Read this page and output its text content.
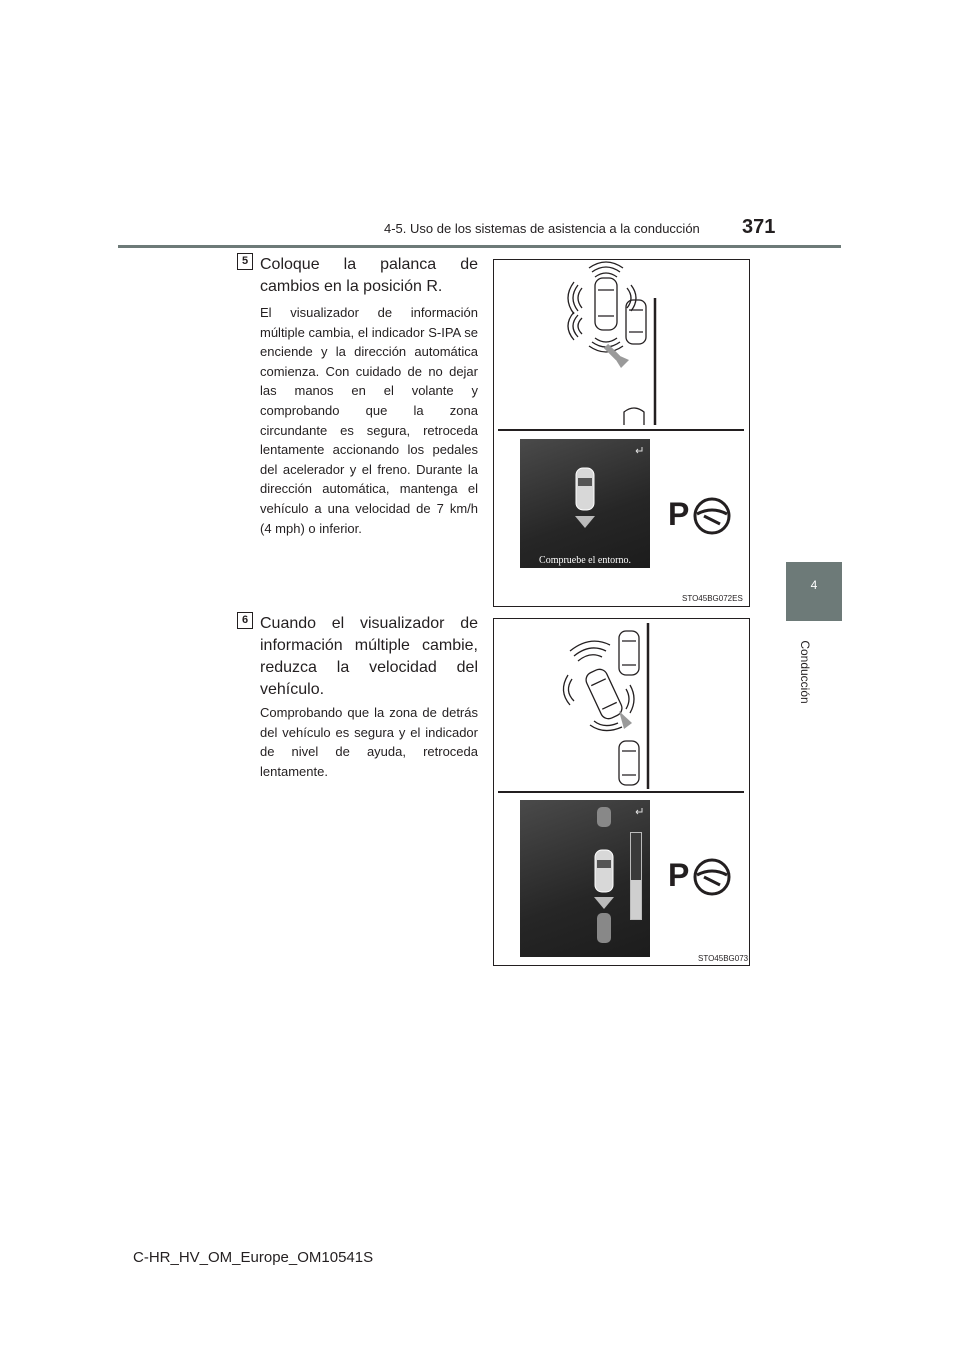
4-5. Uso de los sistemas de asistencia a la conducción 371
4
Conducción
5 Coloque la palanca de cambios en la posición R.
El visualizador de información múltiple cambia, el indicador S-IPA se enciende y la dirección automática comienza. Con cuidado de no dejar las manos en el volante y comprobando que la zona circundante es segura, retroceda lentamente accionando los pedales del acelerador y el freno. Durante la dirección automática, mantenga el vehículo a una velocidad de 7 km/h (4 mph) o inferior.
Compruebe el entorno.
P
STO45BG072ES
6 Cuando el visualizador de información múltiple cambie, reduzca la velocidad del vehículo.
Comprobando que la zona de detrás del vehículo es segura y el indicador de nivel de ayuda, retroceda lentamente.
P
STO45BG073
C-HR_HV_OM_Europe_OM10541S
